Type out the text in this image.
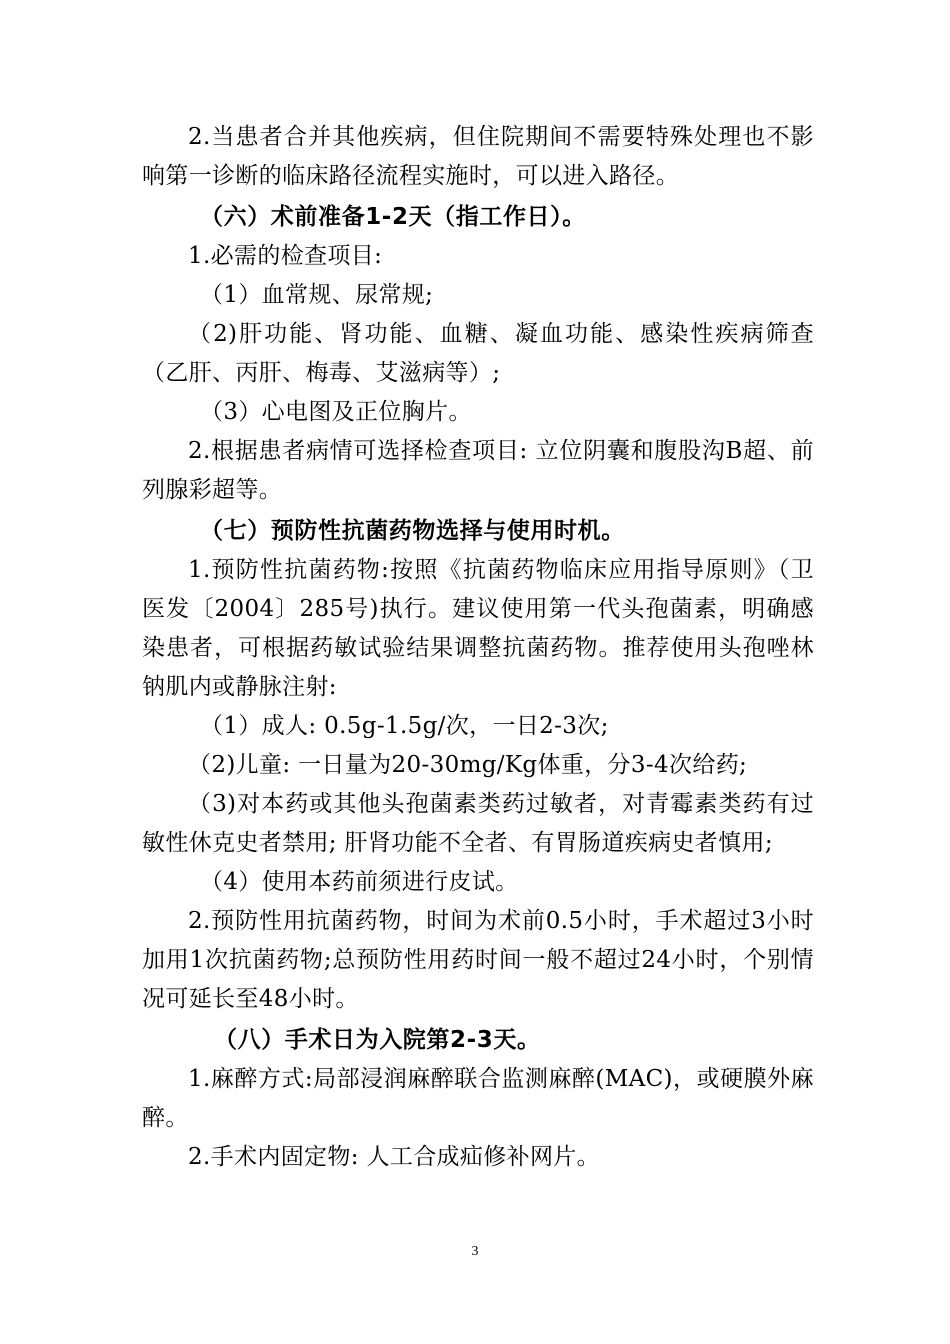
2.当患者合并其他疾病，但住院期间不需要特殊处理也不影响第一诊断的临床路径流程实施时，可以进入路径。

（六）术前准备1-2天（指工作日）。

1.必需的检查项目:

（1）血常规、尿常规;

（2)肝功能、肾功能、血糖、凝血功能、感染性疾病筛查（乙肝、丙肝、梅毒、艾滋病等）;

（3）心电图及正位胸片。

2.根据患者病情可选择检查项目: 立位阴囊和腹股沟B超、前列腺彩超等。

（七）预防性抗菌药物选择与使用时机。

1.预防性抗菌药物:按照《抗菌药物临床应用指导原则》（卫医发〔2004〕285号)执行。建议使用第一代头孢菌素，明确感染患者，可根据药敏试验结果调整抗菌药物。推荐使用头孢唑林钠肌内或静脉注射:

（1）成人: 0.5g-1.5g/次，一日2-3次;

（2)儿童: 一日量为20-30mg/Kg体重，分3-4次给药;

（3)对本药或其他头孢菌素类药过敏者，对青霉素类药有过敏性休克史者禁用; 肝肾功能不全者、有胃肠道疾病史者慎用;

（4）使用本药前须进行皮试。

2.预防性用抗菌药物，时间为术前0.5小时，手术超过3小时加用1次抗菌药物;总预防性用药时间一般不超过24小时，个别情况可延长至48小时。

（八）手术日为入院第2-3天。

1.麻醉方式:局部浸润麻醉联合监测麻醉(MAC)，或硬膜外麻醉。

2.手术内固定物: 人工合成疝修补网片。

3
